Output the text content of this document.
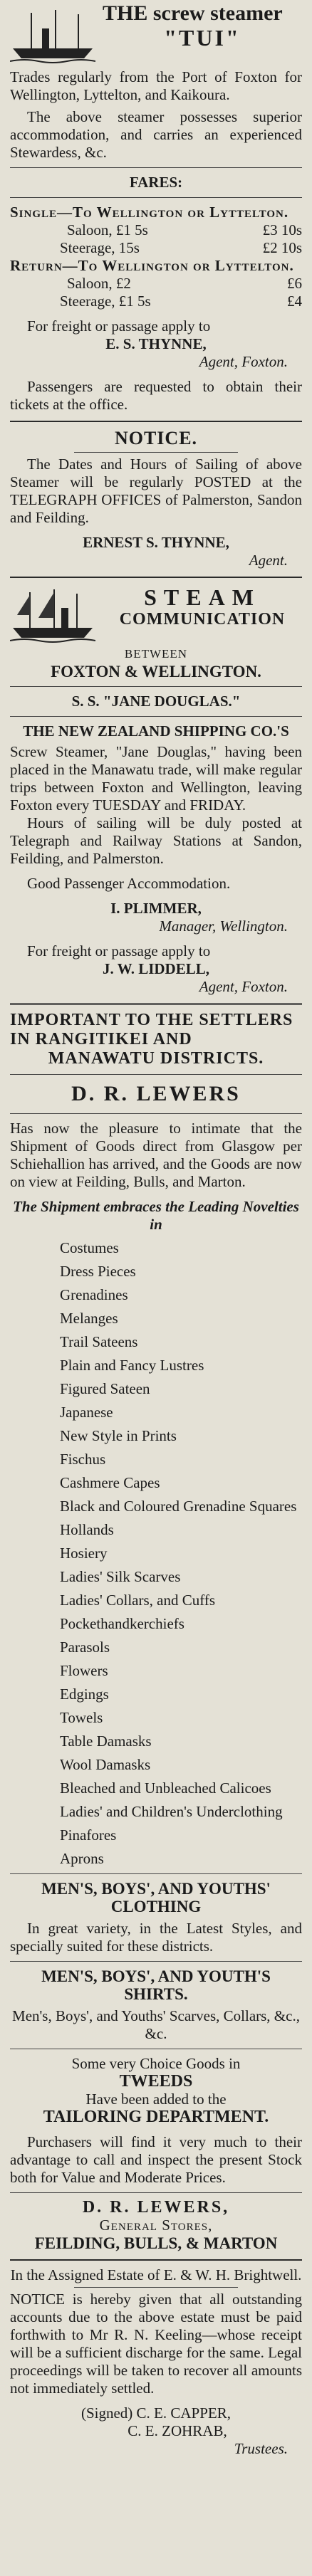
THE screw steamer
"TUI"
Trades regularly from the Port of Foxton for Wellington, Lyttelton, and Kaikoura.
The above steamer possesses superior accommodation, and carries an experienced Stewardess, &c.
FARES:
Single—To Wellington or Lyttelton.
Saloon, £1 5s	£3 10s
Steerage, 15s	£2 10s
Return—To Wellington or Lyttelton.
Saloon, £2	£6
Steerage, £1 5s	£4
For freight or passage apply to
E. S. THYNNE,
Agent, Foxton.
Passengers are requested to obtain their tickets at the office.
NOTICE.
The Dates and Hours of Sailing of above Steamer will be regularly POSTED at the TELEGRAPH OFFICES of Palmerston, Sandon and Feilding.
ERNEST S. THYNNE,
Agent.
STEAM
COMMUNICATION
BETWEEN
FOXTON & WELLINGTON.
S. S. "JANE DOUGLAS."
THE NEW ZEALAND SHIPPING CO.'S
Screw Steamer, "Jane Douglas," having been placed in the Manawatu trade, will make regular trips between Foxton and Wellington, leaving Foxton every TUESDAY and FRIDAY.
Hours of sailing will be duly posted at Telegraph and Railway Stations at Sandon, Feilding, and Palmerston.
Good Passenger Accommodation.
I. PLIMMER,
Manager, Wellington.
For freight or passage apply to
J. W. LIDDELL,
Agent, Foxton.
IMPORTANT TO THE SETTLERS IN RANGITIKEI AND
MANAWATU DISTRICTS.
D. R. LEWERS
Has now the pleasure to intimate that the Shipment of Goods direct from Glasgow per Schiehallion has arrived, and the Goods are now on view at Feilding, Bulls, and Marton.
The Shipment embraces the Leading Novelties in
Costumes
Dress Pieces
Grenadines
Melanges
Trail Sateens
Plain and Fancy Lustres
Figured Sateen
Japanese
New Style in Prints
Fischus
Cashmere Capes
Black and Coloured Grenadine Squares
Hollands
Hosiery
Ladies' Silk Scarves
Ladies' Collars, and Cuffs
Pockethandkerchiefs
Parasols
Flowers
Edgings
Towels
Table Damasks
Wool Damasks
Bleached and Unbleached Calicoes
Ladies' and Children's Underclothing
Pinafores
Aprons
MEN'S, BOYS', AND YOUTHS' CLOTHING
In great variety, in the Latest Styles, and specially suited for these districts.
MEN'S, BOYS', AND YOUTH'S SHIRTS.
Men's, Boys', and Youths' Scarves, Collars, &c., &c.
Some very Choice Goods in
TWEEDS
Have been added to the
TAILORING DEPARTMENT.
Purchasers will find it very much to their advantage to call and inspect the present Stock both for Value and Moderate Prices.
D. R. LEWERS,
General Stores,
FEILDING, BULLS, & MARTON
In the Assigned Estate of E. & W. H. Brightwell.
NOTICE is hereby given that all outstanding accounts due to the above estate must be paid forthwith to Mr R. N. Keeling—whose receipt will be a sufficient discharge for the same. Legal proceedings will be taken to recover all amounts not immediately settled.
(Signed) C. E. CAPPER,
C. E. ZOHRAB,
Trustees.
